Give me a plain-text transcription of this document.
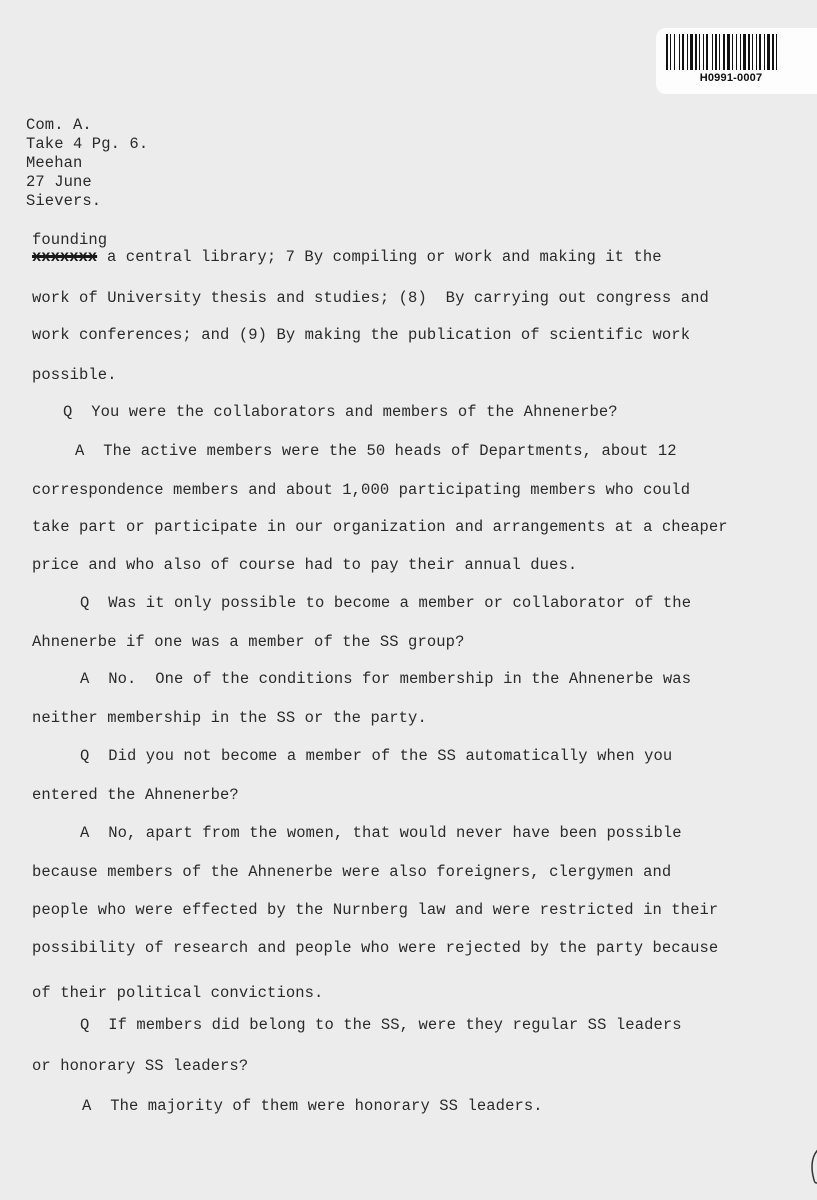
H0991-0007
Com. A.
Take 4 Pg. 6.
Meehan
27 June
Sievers.
founding
xxxxxxx a central library; 7 By compiling or work and making it the
work of University thesis and studies; (8)  By carrying out congress and
work conferences; and (9) By making the publication of scientific work
possible.
Q  You were the collaborators and members of the Ahnenerbe?
A  The active members were the 50 heads of Departments, about 12
correspondence members and about 1,000 participating members who could
take part or participate in our organization and arrangements at a cheaper
price and who also of course had to pay their annual dues.
Q  Was it only possible to become a member or collaborator of the
Ahnenerbe if one was a member of the SS group?
A  No.  One of the conditions for membership in the Ahnenerbe was
neither membership in the SS or the party.
Q  Did you not become a member of the SS automatically when you
entered the Ahnenerbe?
A  No, apart from the women, that would never have been possible
because members of the Ahnenerbe were also foreigners, clergymen and
people who were effected by the Nurnberg law and were restricted in their
possibility of research and people who were rejected by the party because
of their political convictions.
Q  If members did belong to the SS, were they regular SS leaders
or honorary SS leaders?
A  The majority of them were honorary SS leaders.
